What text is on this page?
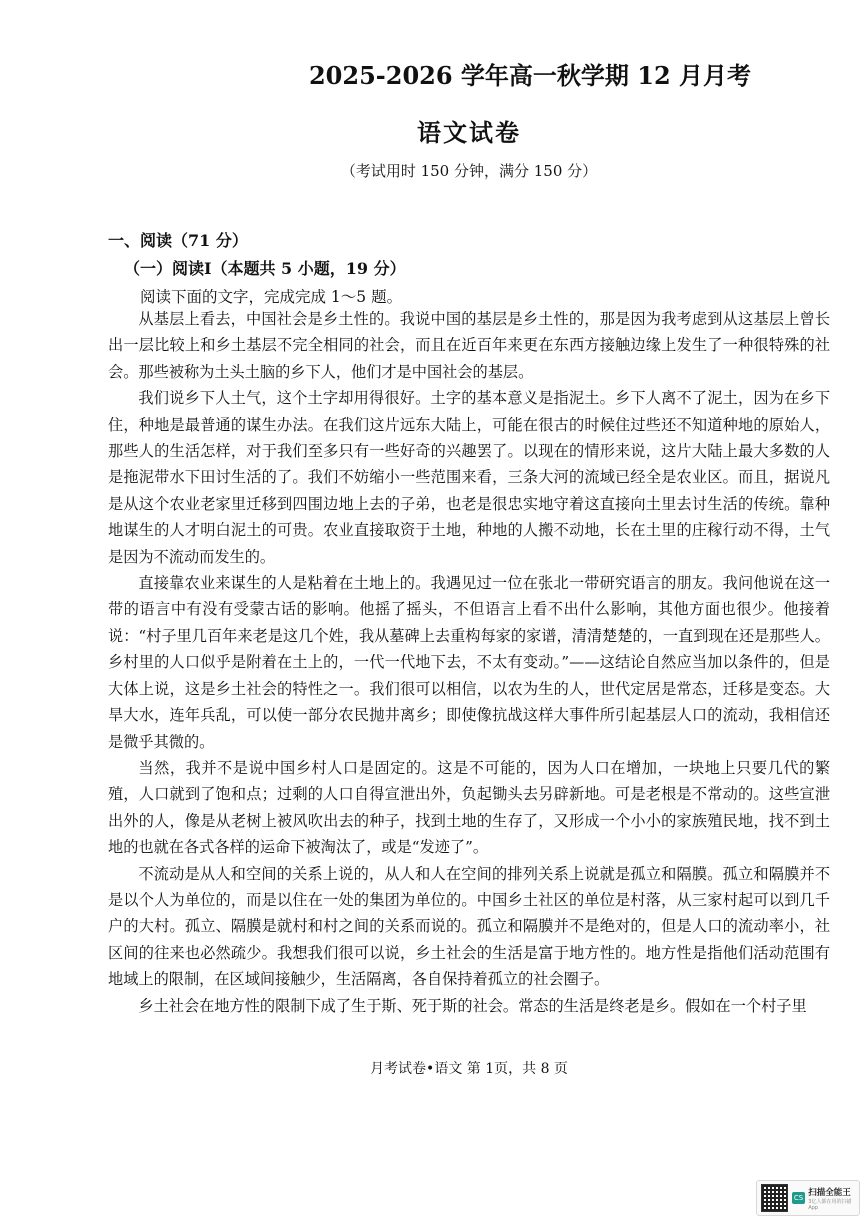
2025-2026 学年高一秋学期 12 月月考
语文试卷
（考试用时 150 分钟，满分 150 分）
一、阅读（71 分）
（一）阅读I（本题共 5 小题，19 分）
阅读下面的文字，完成完成 1～5 题。

从基层上看去，中国社会是乡土性的。我说中国的基层是乡土性的，那是因为我考虑到从这基层上曾长出一层比较上和乡土基层不完全相同的社会，而且在近百年来更在东西方接触边缘上发生了一种很特殊的社会。那些被称为土头土脑的乡下人，他们才是中国社会的基层。

我们说乡下人土气，这个土字却用得很好。土字的基本意义是指泥土。乡下人离不了泥土，因为在乡下住，种地是最普通的谋生办法。在我们这片远东大陆上，可能在很古的时候住过些还不知道种地的原始人，那些人的生活怎样，对于我们至多只有一些好奇的兴趣罢了。以现在的情形来说，这片大陆上最大多数的人是拖泥带水下田讨生活的了。我们不妨缩小一些范围来看，三条大河的流域已经全是农业区。而且，据说凡是从这个农业老家里迁移到四围边地上去的子弟，也老是很忠实地守着这直接向土里去讨生活的传统。靠种地谋生的人才明白泥土的可贵。农业直接取资于土地，种地的人搬不动地，长在土里的庄稼行动不得，土气是因为不流动而发生的。

直接靠农业来谋生的人是粘着在土地上的。我遇见过一位在张北一带研究语言的朋友。我问他说在这一带的语言中有没有受蒙古话的影响。他摇了摇头，不但语言上看不出什么影响，其他方面也很少。他接着说：“村子里几百年来老是这几个姓，我从墓碑上去重构每家的家谱，清清楚楚的，一直到现在还是那些人。乡村里的人口似乎是附着在土上的，一代一代地下去，不太有变动。”——这结论自然应当加以条件的，但是大体上说，这是乡土社会的特性之一。我们很可以相信，以农为生的人，世代定居是常态，迁移是变态。大旱大水，连年兵乱，可以使一部分农民抛井离乡；即使像抗战这样大事件所引起基层人口的流动，我相信还是微乎其微的。

当然，我并不是说中国乡村人口是固定的。这是不可能的，因为人口在增加，一块地上只要几代的繁殖，人口就到了饱和点；过剩的人口自得宣泄出外，负起锄头去另辟新地。可是老根是不常动的。这些宣泄出外的人，像是从老树上被风吹出去的种子，找到土地的生存了，又形成一个小小的家族殖民地，找不到土地的也就在各式各样的运命下被淘汰了，或是“发迹了”。

不流动是从人和空间的关系上说的，从人和人在空间的排列关系上说就是孤立和隔膜。孤立和隔膜并不是以个人为单位的，而是以住在一处的集团为单位的。中国乡土社区的单位是村落，从三家村起可以到几千户的大村。孤立、隔膜是就村和村之间的关系而说的。孤立和隔膜并不是绝对的，但是人口的流动率小，社区间的往来也必然疏少。我想我们很可以说，乡土社会的生活是富于地方性的。地方性是指他们活动范围有地域上的限制，在区域间接触少，生活隔离，各自保持着孤立的社会圈子。

乡土社会在地方性的限制下成了生于斯、死于斯的社会。常态的生活是终老是乡。假如在一个村子里

月考试卷•语文 第 1页，共 8 页
CS
扫描全能王
3亿人都在用的扫描App
